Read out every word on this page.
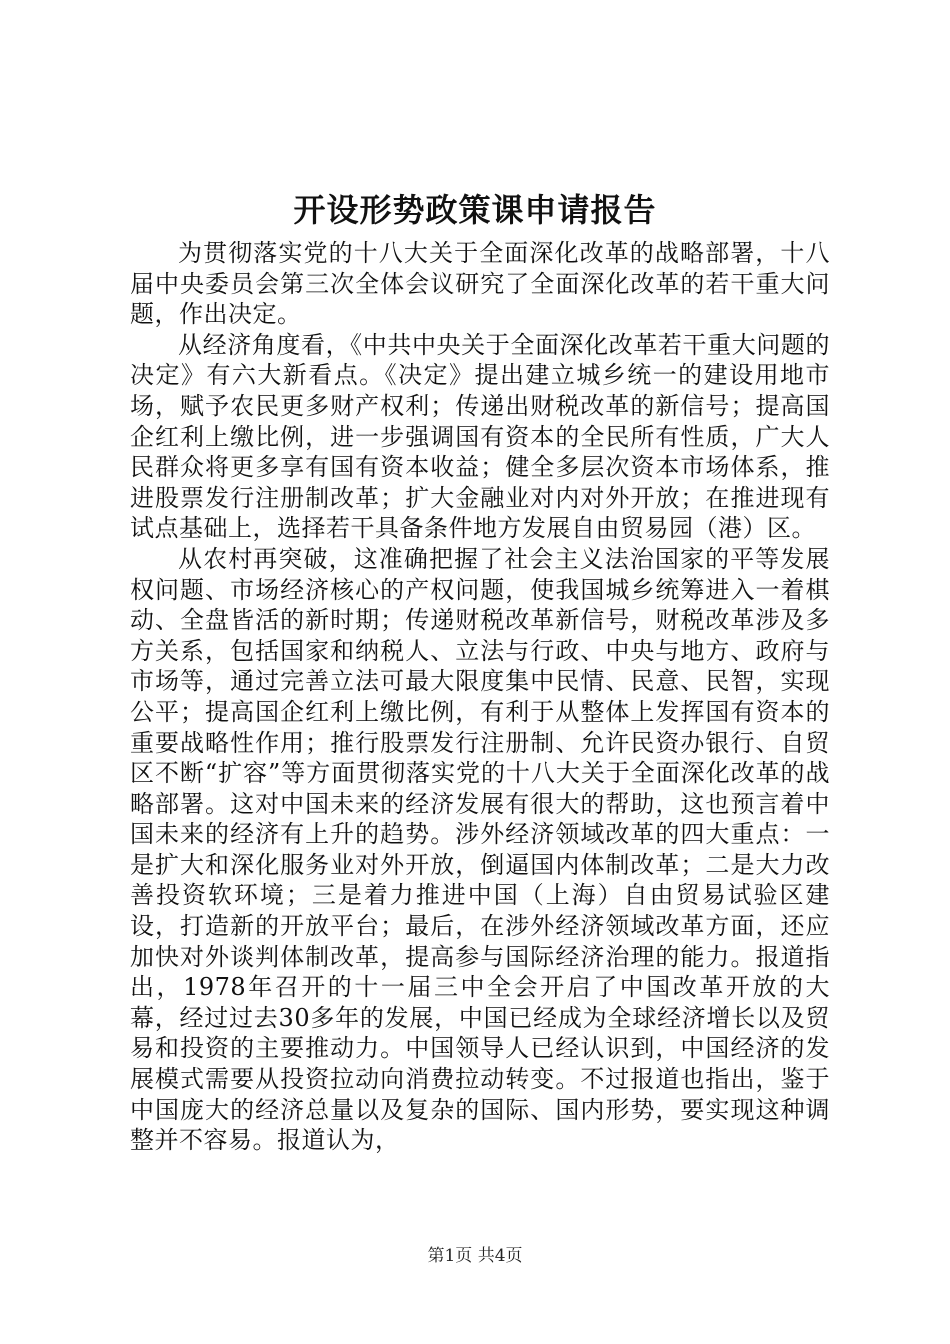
开设形势政策课申请报告

为贯彻落实党的十八大关于全面深化改革的战略部署，十八届中央委员会第三次全体会议研究了全面深化改革的若干重大问题，作出决定。

从经济角度看，《中共中央关于全面深化改革若干重大问题的决定》有六大新看点。《决定》提出建立城乡统一的建设用地市场，赋予农民更多财产权利；传递出财税改革的新信号；提高国企红利上缴比例，进一步强调国有资本的全民所有性质，广大人民群众将更多享有国有资本收益；健全多层次资本市场体系，推进股票发行注册制改革；扩大金融业对内对外开放；在推进现有试点基础上，选择若干具备条件地方发展自由贸易园（港）区。

从农村再突破，这准确把握了社会主义法治国家的平等发展权问题、市场经济核心的产权问题，使我国城乡统筹进入一着棋动、全盘皆活的新时期；传递财税改革新信号，财税改革涉及多方关系，包括国家和纳税人、立法与行政、中央与地方、政府与市场等，通过完善立法可最大限度集中民情、民意、民智，实现公平；提高国企红利上缴比例，有利于从整体上发挥国有资本的重要战略性作用；推行股票发行注册制、允许民资办银行、自贸区不断“扩容”等方面贯彻落实党的十八大关于全面深化改革的战略部署。这对中国未来的经济发展有很大的帮助，这也预言着中国未来的经济有上升的趋势。涉外经济领域改革的四大重点：一是扩大和深化服务业对外开放，倒逼国内体制改革；二是大力改善投资软环境；三是着力推进中国（上海）自由贸易试验区建设，打造新的开放平台；最后，在涉外经济领域改革方面，还应加快对外谈判体制改革，提高参与国际经济治理的能力。报道指出，1978年召开的十一届三中全会开启了中国改革开放的大幕，经过过去30多年的发展，中国已经成为全球经济增长以及贸易和投资的主要推动力。中国领导人已经认识到，中国经济的发展模式需要从投资拉动向消费拉动转变。不过报道也指出，鉴于中国庞大的经济总量以及复杂的国际、国内形势，要实现这种调整并不容易。报道认为，

第1页 共4页
